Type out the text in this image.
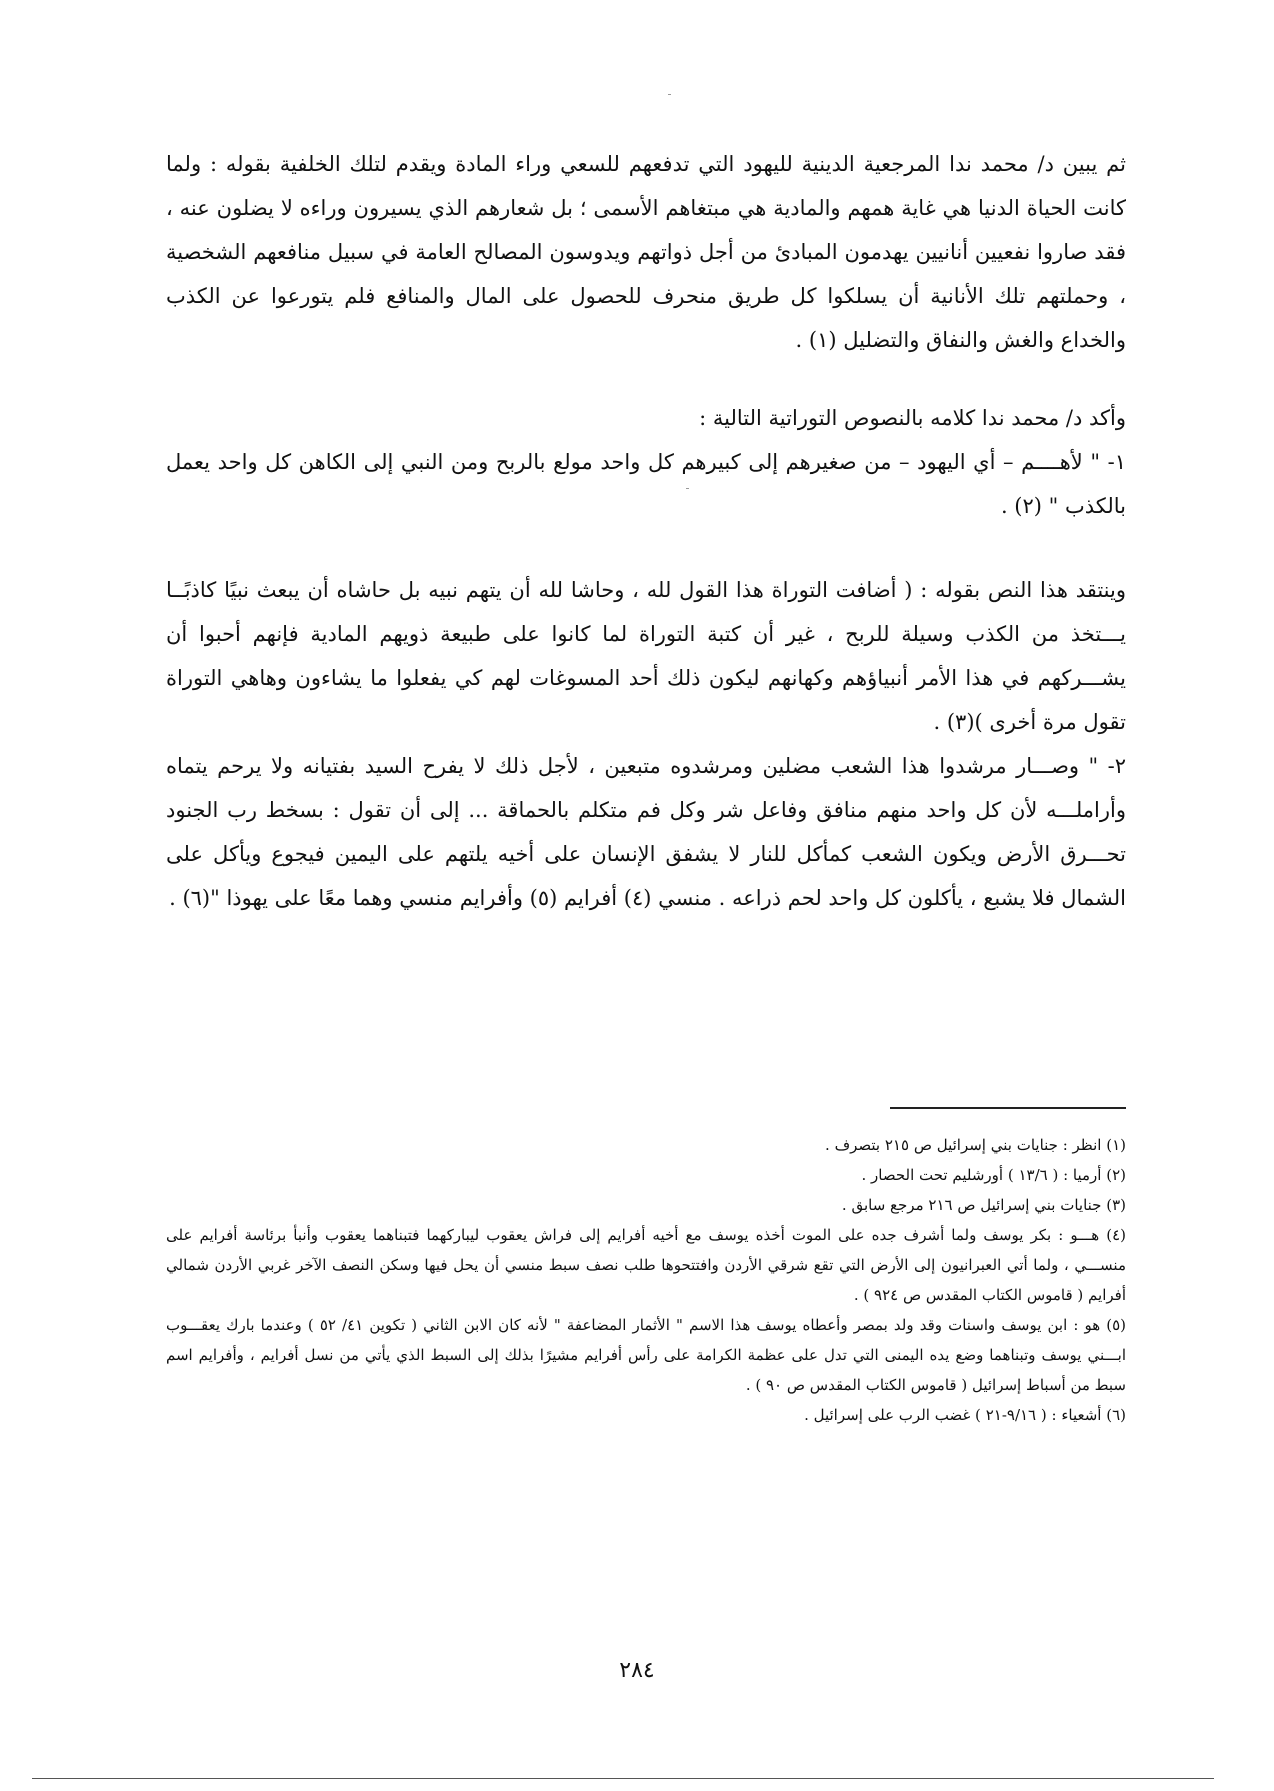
ثم يبين د/ محمد ندا المرجعية الدينية لليهود التي تدفعهم للسعي وراء المادة ويقدم لتلك الخلفية بقوله : ولما كانت الحياة الدنيا هي غاية همهم والمادية هي مبتغاهم الأسمى ؛ بل شعارهم الذي يسيرون وراءه لا يضلون عنه ، فقد صاروا نفعيين أنانيين يهدمون المبادئ من أجل ذواتهم ويدوسون المصالح العامة في سبيل منافعهم الشخصية ، وحملتهم تلك الأنانية أن يسلكوا كل طريق منحرف للحصول على المال والمنافع فلم يتورعوا عن الكذب والخداع والغش والنفاق والتضليل (١) .

وأكد د/ محمد ندا كلامه بالنصوص التوراتية التالية :

١- " لأهــــم – أي اليهود – من صغيرهم إلى كبيرهم كل واحد مولع بالربح ومن النبي إلى الكاهن كل واحد يعمل بالكذب " (٢) .

وينتقد هذا النص بقوله : ( أضافت التوراة هذا القول لله ، وحاشا لله أن يتهم نبيه بل حاشاه أن يبعث نبيًا كاذبًــا يـــتخذ من الكذب وسيلة للربح ، غير أن كتبة التوراة لما كانوا على طبيعة ذويهم المادية فإنهم أحبوا أن يشـــركهم في هذا الأمر أنبياؤهم وكهانهم ليكون ذلك أحد المسوغات لهم كي يفعلوا ما يشاءون وهاهي التوراة تقول مرة أخرى )(٣) .

٢- " وصـــار مرشدوا هذا الشعب مضلين ومرشدوه متبعين ، لأجل ذلك لا يفرح السيد بفتيانه ولا يرحم يتماه وأراملـــه لأن كل واحد منهم منافق وفاعل شر وكل فم متكلم بالحماقة ... إلى أن تقول : بسخط رب الجنود تحـــرق الأرض ويكون الشعب كمأكل للنار لا يشفق الإنسان على أخيه يلتهم على اليمين فيجوع ويأكل على الشمال فلا يشبع ، يأكلون كل واحد لحم ذراعه . منسي (٤) أفرايم (٥) وأفرايم منسي وهما معًا على يهوذا "(٦) .

(١) انظر : جنايات بني إسرائيل ص ٢١٥ بتصرف .

(٢) أرميا : ( ١٣/٦ ) أورشليم تحت الحصار .

(٣) جنايات بني إسرائيل ص ٢١٦ مرجع سابق .

(٤) هـــو : بكر يوسف ولما أشرف جده على الموت أخذه يوسف مع أخيه أفرايم إلى فراش يعقوب ليباركهما فتبناهما يعقوب وأنبأ برئاسة أفرايم على منســـي ، ولما أتي العبرانيون إلى الأرض التي تقع شرقي الأردن وافتتحوها طلب نصف سبط منسي أن يحل فيها وسكن النصف الآخر غربي الأردن شمالي أفرايم ( قاموس الكتاب المقدس ص ٩٢٤ ) .

(٥) هو : ابن يوسف واسنات وقد ولد بمصر وأعطاه يوسف هذا الاسم " الأثمار المضاعفة " لأنه كان الابن الثاني ( تكوين ٤١/ ٥٢ ) وعندما بارك يعقـــوب ابـــني يوسف وتبناهما وضع يده اليمنى التي تدل على عظمة الكرامة على رأس أفرايم مشيرًا بذلك إلى السبط الذي يأتي من نسل أفرايم ، وأفرايم اسم سبط من أسباط إسرائيل ( قاموس الكتاب المقدس ص ٩٠ ) .

(٦) أشعياء : ( ٩/١٦-٢١ ) غضب الرب على إسرائيل .

٢٨٤
